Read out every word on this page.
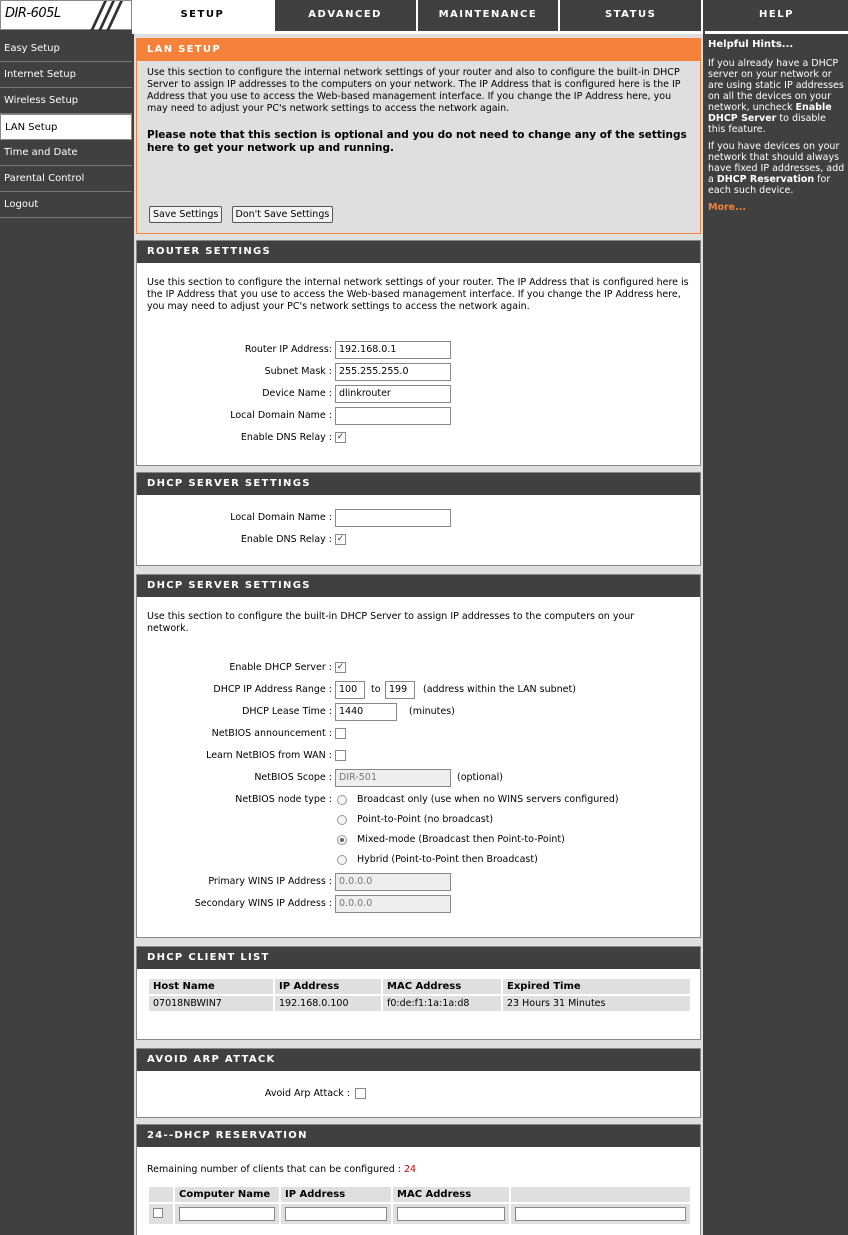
DIR-605L	SETUP	ADVANCED	MAINTENANCE	STATUS	HELP
Easy Setup
Internet Setup
Wireless Setup
LAN Setup
Time and Date
Parental Control
Logout
LAN SETUP
Use this section to configure the internal network settings of your router and also to configure the built-in DHCP Server to assign IP addresses to the computers on your network. The IP Address that is configured here is the IP Address that you use to access the Web-based management interface. If you change the IP Address here, you may need to adjust your PC's network settings to access the network again.
Please note that this section is optional and you do not need to change any of the settings here to get your network up and running.
Save Settings Don't Save Settings
ROUTER SETTINGS
Use this section to configure the internal network settings of your router. The IP Address that is configured here is the IP Address that you use to access the Web-based management interface. If you change the IP Address here, you may need to adjust your PC's network settings to access the network again.
Router IP Address: 192.168.0.1
Subnet Mask : 255.255.255.0
Device Name : dlinkrouter
Local Domain Name :
Enable DNS Relay : ✓
DHCP SERVER SETTINGS
Local Domain Name :
Enable DNS Relay : ✓
DHCP SERVER SETTINGS
Use this section to configure the built-in DHCP Server to assign IP addresses to the computers on your network.
Enable DHCP Server : ✓
DHCP IP Address Range : 100	to 199	(address within the LAN subnet)
DHCP Lease Time : 1440	(minutes)
NetBIOS announcement :
Learn NetBIOS from WAN :
NetBIOS Scope : DIR-501	(optional)
NetBIOS node type :	Broadcast only (use when no WINS servers configured)
Point-to-Point (no broadcast)
Mixed-mode (Broadcast then Point-to-Point)
Hybrid (Point-to-Point then Broadcast)
Primary WINS IP Address : 0.0.0.0
Secondary WINS IP Address : 0.0.0.0
DHCP CLIENT LIST
Host Name	IP Address	MAC Address	Expired Time
07018NBWIN7	192.168.0.100	f0:de:f1:1a:1a:d8	23 Hours 31 Minutes
AVOID ARP ATTACK
Avoid Arp Attack :
24--DHCP RESERVATION
Remaining number of clients that can be configured : 24
	Computer Name	IP Address	MAC Address	

Helpful Hints...

If you already have a DHCP server on your network or are using static IP addresses on all the devices on your network, uncheck Enable DHCP Server to disable this feature.

If you have devices on your network that should always have fixed IP addresses, add a DHCP Reservation for each such device.

More...
